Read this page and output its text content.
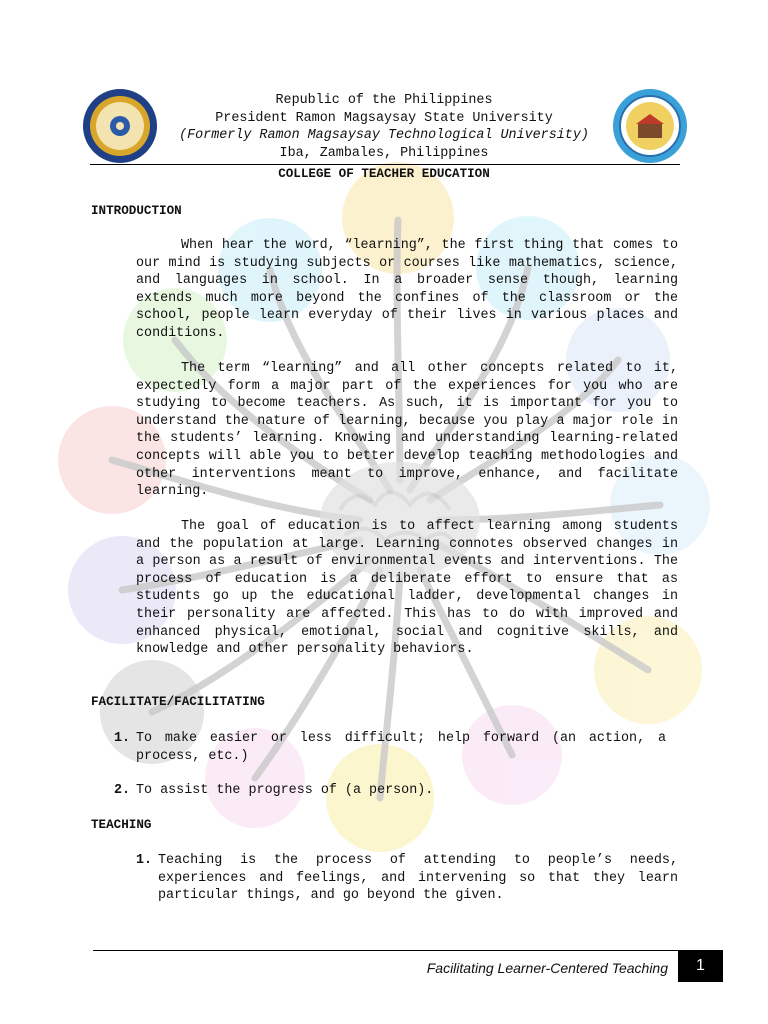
Republic of the Philippines
President Ramon Magsaysay State University
(Formerly Ramon Magsaysay Technological University)
Iba, Zambales, Philippines
COLLEGE OF TEACHER EDUCATION
INTRODUCTION

When hear the word, “learning”, the first thing that comes to our mind is studying subjects or courses like mathematics, science, and languages in school. In a broader sense though, learning extends much more beyond the confines of the classroom or the school, people learn everyday of their lives in various places and conditions.

The term “learning” and all other concepts related to it, expectedly form a major part of the experiences for you who are studying to become teachers. As such, it is important for you to understand the nature of learning, because you play a major role in the students’ learning. Knowing and understanding learning-related concepts will able you to better develop teaching methodologies and other interventions meant to improve, enhance, and facilitate learning.

The goal of education is to affect learning among students and the population at large. Learning connotes observed changes in a person as a result of environmental events and interventions. The process of education is a deliberate effort to ensure that as students go up the educational ladder, developmental changes in their personality are affected. This has to do with improved and enhanced physical, emotional, social and cognitive skills, and knowledge and other personality behaviors.

FACILITATE/FACILITATING
1. To make easier or less difficult; help forward (an action, a process, etc.)
2. To assist the progress of (a person).
TEACHING
1. Teaching is the process of attending to people’s needs, experiences and feelings, and intervening so that they learn particular things, and go beyond the given.
Facilitating Learner-Centered Teaching	1
